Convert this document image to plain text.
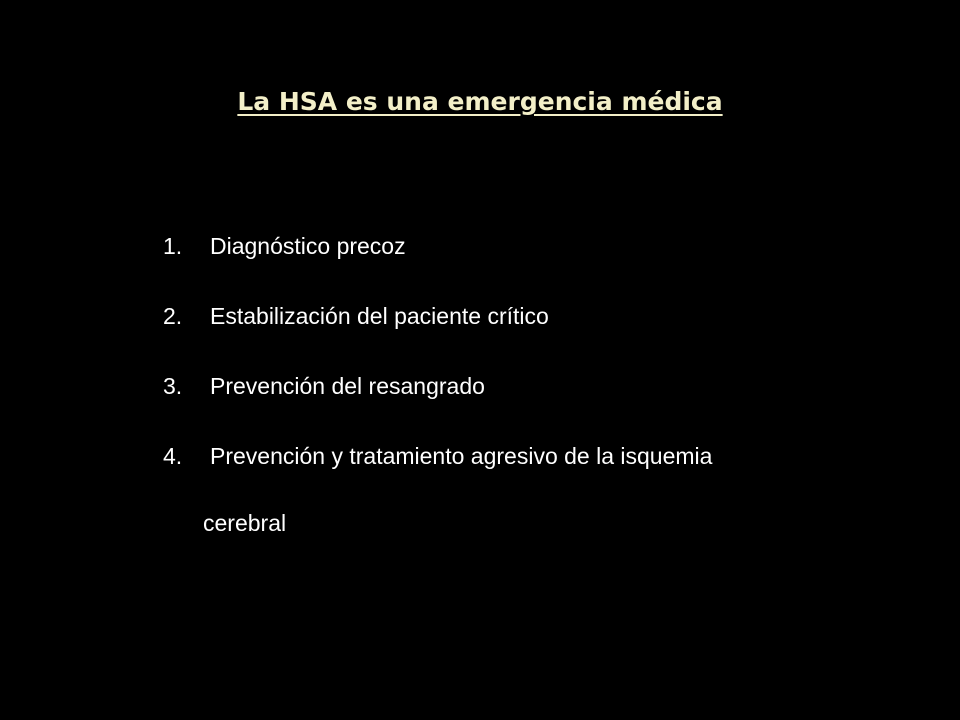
La HSA es una emergencia médica
1.	Diagnóstico precoz
2.	Estabilización del paciente crítico
3.	Prevención del resangrado
4.	Prevención y tratamiento agresivo de la isquemia
cerebral
